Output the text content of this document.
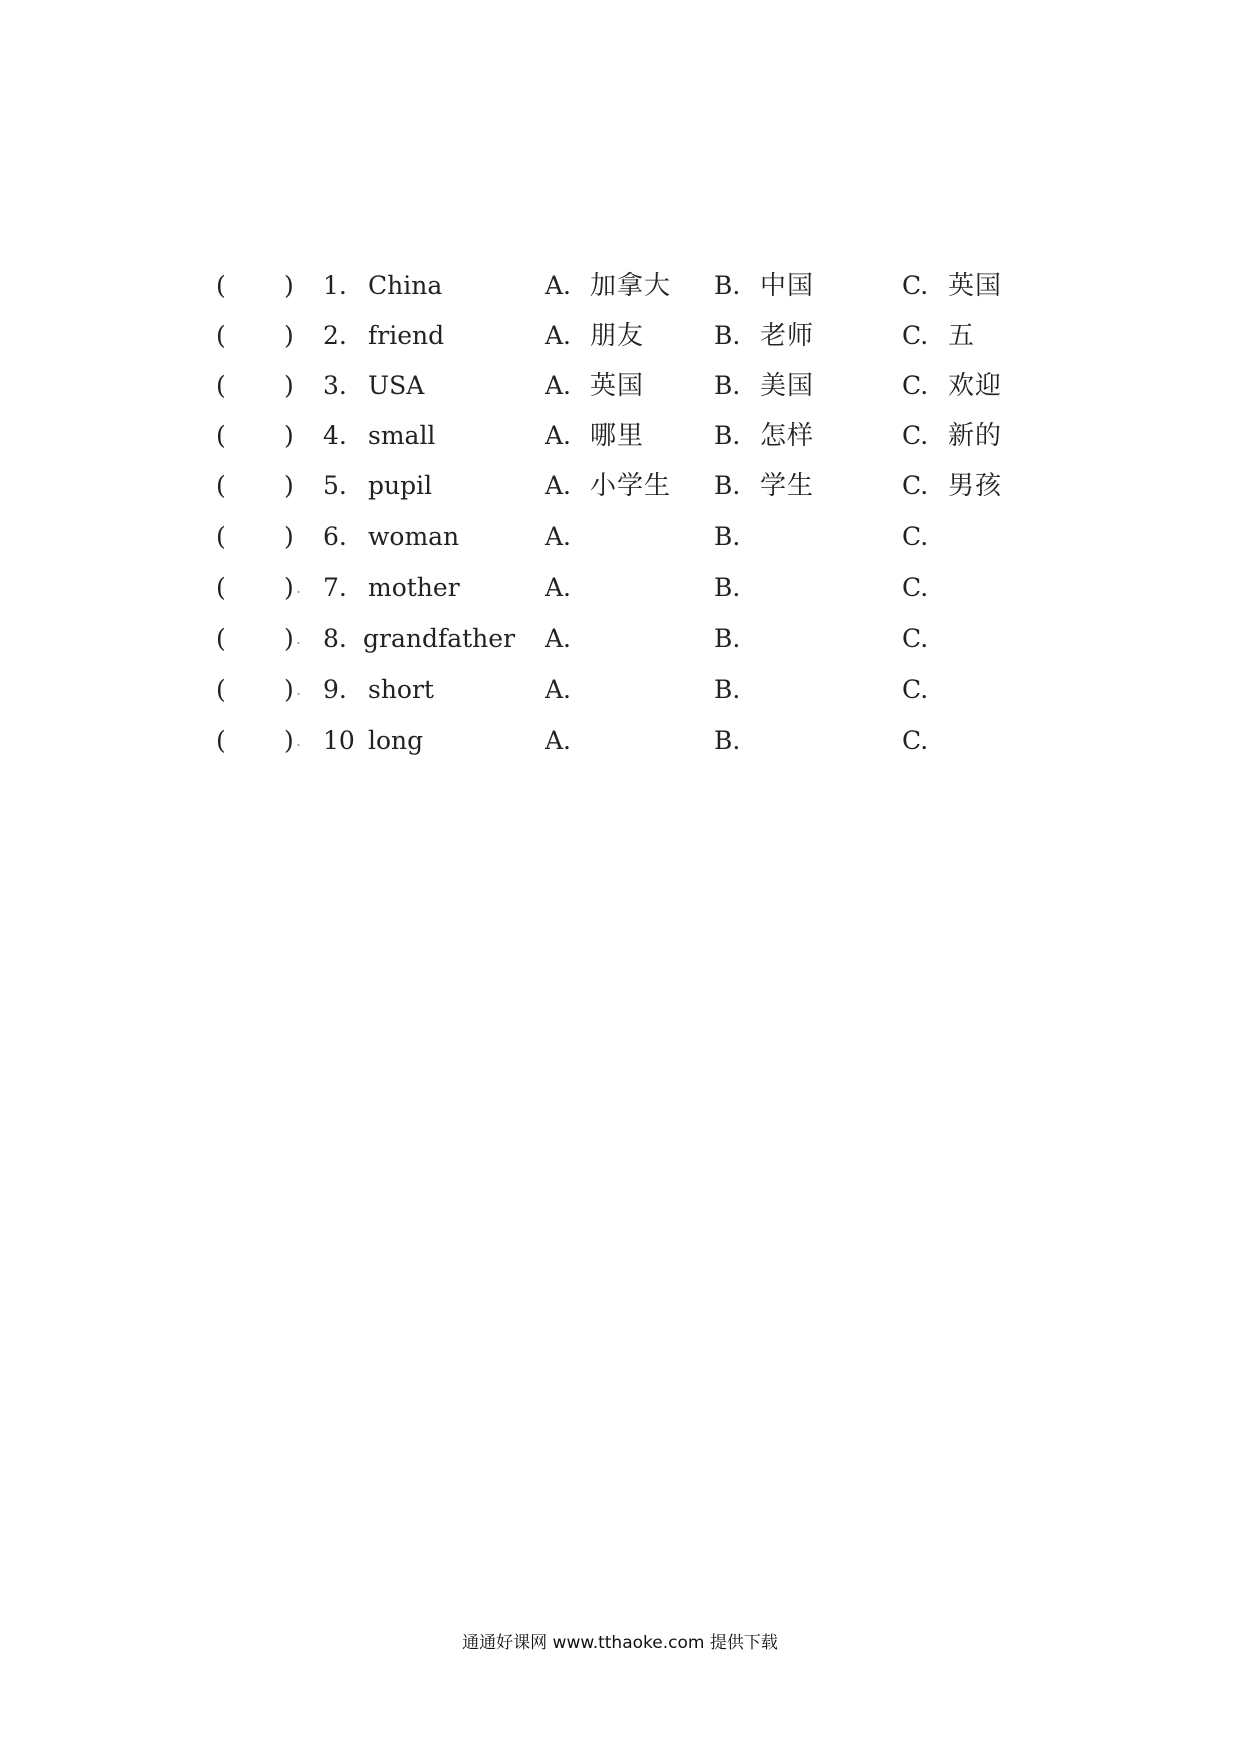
( ) 1. China	A. 加拿大 B. 中国	C. 英国
( ) 2. friend	A. 朋友	B. 老师	C. 五
( ) 3. USA	A. 英国	B. 美国	C. 欢迎
( ) 4. small	A. 哪里	B. 怎样	C. 新的
( ) 5. pupil	A. 小学生 B. 学生	C. 男孩
( ) 6. woman	A.	B.	C.
( ) . 7. mother	A.	B.	C.
( ) . 8. grandfather A.	B.	C.
( ) . 9. short	A.	B.	C.
( ) . 10 long	A.	B.	C.
通通好课网 www.tthaoke.com 提供下载
